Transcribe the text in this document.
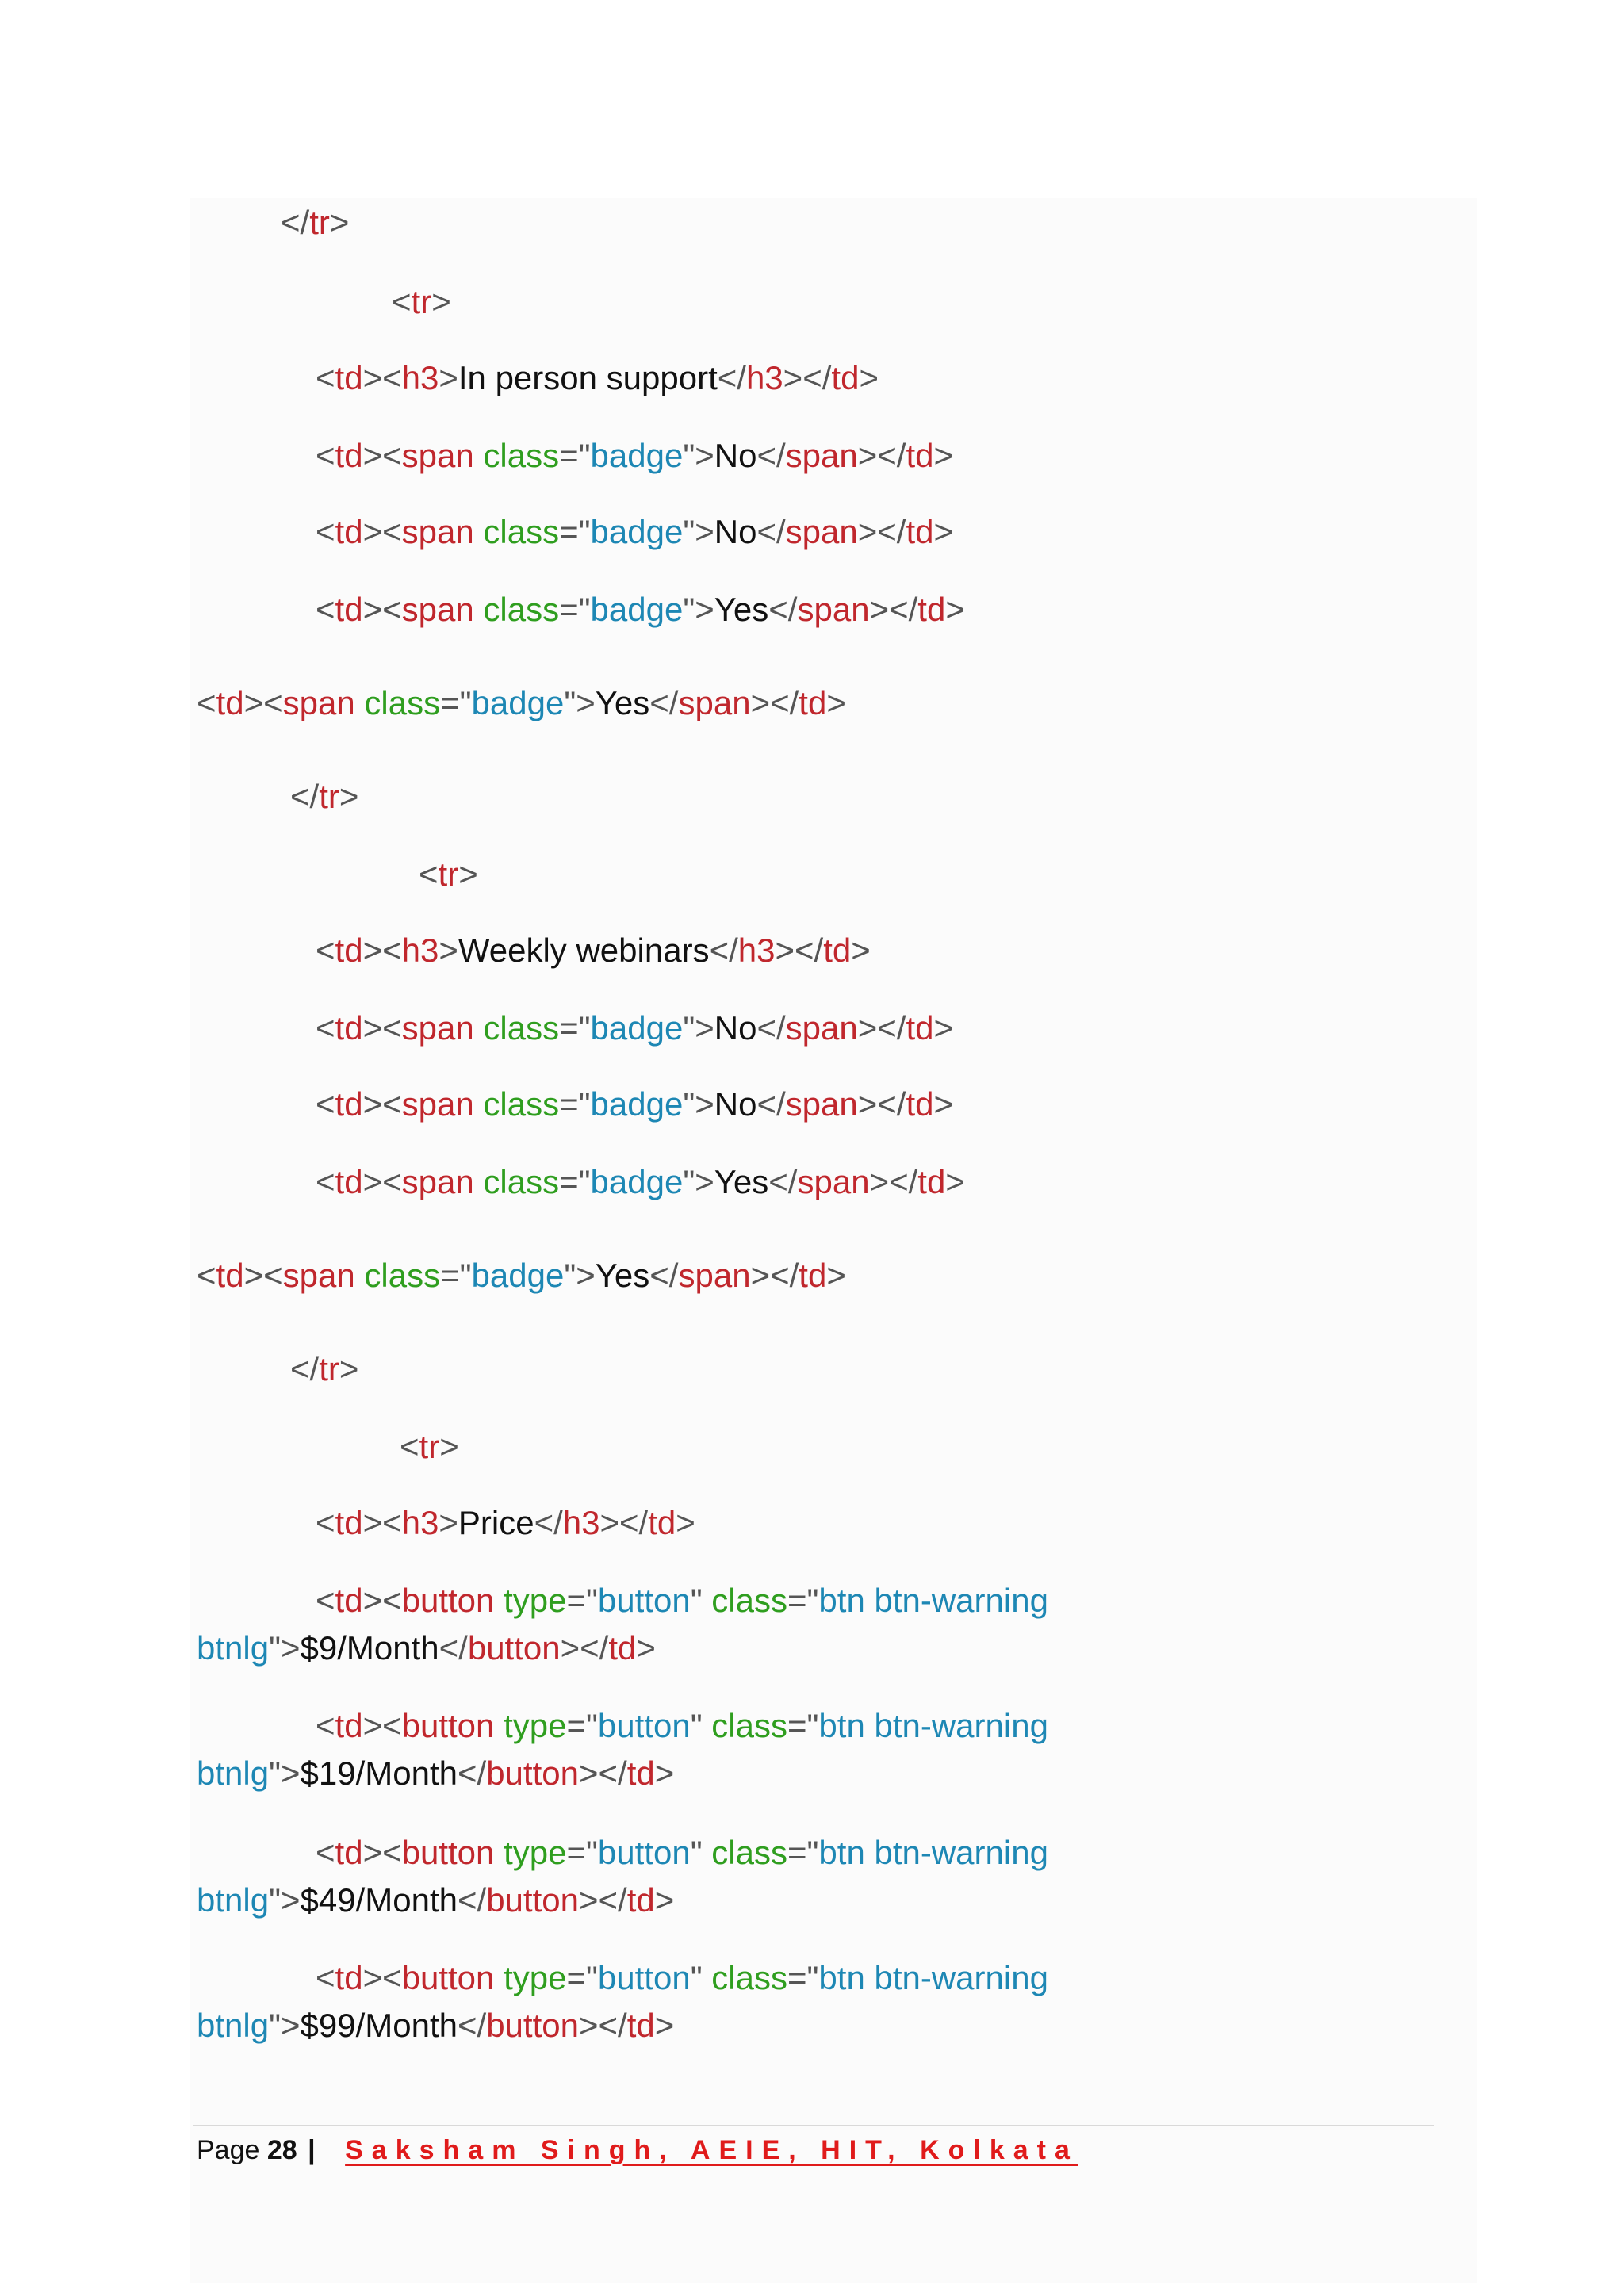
</tr>
<tr>
<td><h3>In person support</h3></td>
<td><span class="badge">No</span></td>
<td><span class="badge">No</span></td>
<td><span class="badge">Yes</span></td>
<td><span class="badge">Yes</span></td>
</tr>
<tr>
<td><h3>Weekly webinars</h3></td>
<td><span class="badge">No</span></td>
<td><span class="badge">No</span></td>
<td><span class="badge">Yes</span></td>
<td><span class="badge">Yes</span></td>
</tr>
<tr>
<td><h3>Price</h3></td>
<td><button type="button" class="btn btn-warning
btnlg">$9/Month</button></td>
<td><button type="button" class="btn btn-warning
btnlg">$19/Month</button></td>
<td><button type="button" class="btn btn-warning
btnlg">$49/Month</button></td>
<td><button type="button" class="btn btn-warning
btnlg">$99/Month</button></td>
Page 28 | Saksham Singh, AEIE, HIT, Kolkata
